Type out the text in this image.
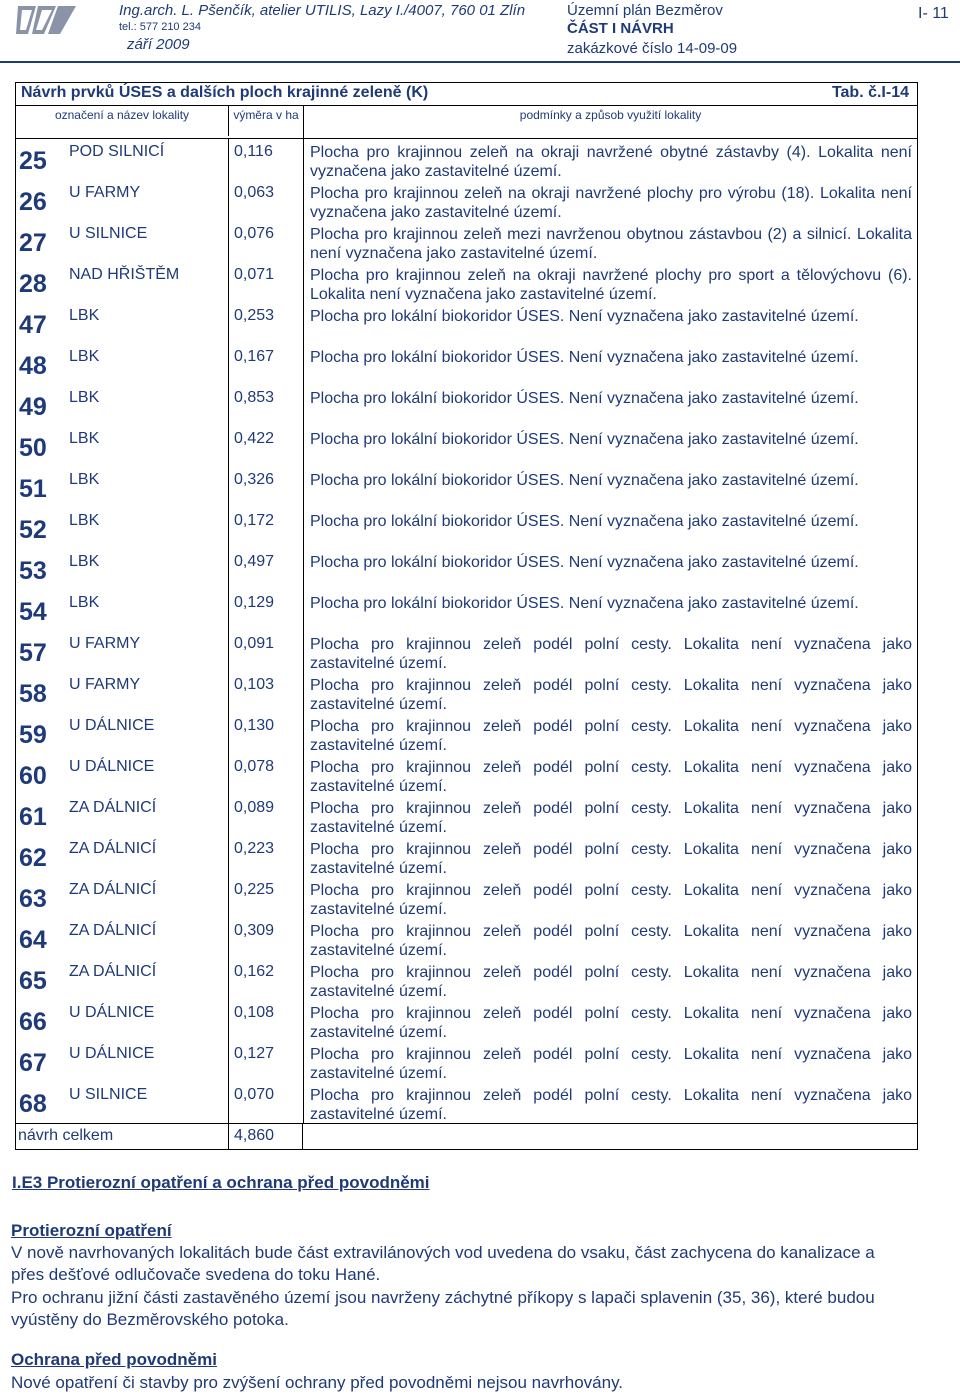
Ing.arch. L. Pšenčík, atelier UTILIS, Lazy I./4007, 760 01 Zlín
tel.: 577 210 234
září 2009
Územní plán Bezměrov
ČÁST I NÁVRH
zakázkové číslo 14-09-09
I- 11
Návrh prvků ÚSES a dalších ploch krajinné zeleně (K)	Tab. č.I-14
označení a název lokality	výměra v ha	podmínky a způsob využití lokality
25 POD SILNICÍ	0,116	Plocha pro krajinnou zeleň na okraji navržené obytné zástavby (4). Lokalita není vyznačena jako zastavitelné území.
26 U FARMY	0,063	Plocha pro krajinnou zeleň na okraji navržené plochy pro výrobu (18). Lokalita není vyznačena jako zastavitelné území.
27 U SILNICE	0,076	Plocha pro krajinnou zeleň mezi navrženou obytnou zástavbou (2) a silnicí. Lokalita není vyznačena jako zastavitelné území.
28 NAD HŘIŠTĚM	0,071	Plocha pro krajinnou zeleň na okraji navržené plochy pro sport a tělovýchovu (6). Lokalita není vyznačena jako zastavitelné území.
47 LBK	0,253	Plocha pro lokální biokoridor ÚSES. Není vyznačena jako zastavitelné území.
48 LBK	0,167	Plocha pro lokální biokoridor ÚSES. Není vyznačena jako zastavitelné území.
49 LBK	0,853	Plocha pro lokální biokoridor ÚSES. Není vyznačena jako zastavitelné území.
50 LBK	0,422	Plocha pro lokální biokoridor ÚSES. Není vyznačena jako zastavitelné území.
51 LBK	0,326	Plocha pro lokální biokoridor ÚSES. Není vyznačena jako zastavitelné území.
52 LBK	0,172	Plocha pro lokální biokoridor ÚSES. Není vyznačena jako zastavitelné území.
53 LBK	0,497	Plocha pro lokální biokoridor ÚSES. Není vyznačena jako zastavitelné území.
54 LBK	0,129	Plocha pro lokální biokoridor ÚSES. Není vyznačena jako zastavitelné území.
57 U FARMY	0,091	Plocha pro krajinnou zeleň podél polní cesty. Lokalita není vyznačena jako zastavitelné území.
58 U FARMY	0,103	Plocha pro krajinnou zeleň podél polní cesty. Lokalita není vyznačena jako zastavitelné území.
59 U DÁLNICE	0,130	Plocha pro krajinnou zeleň podél polní cesty. Lokalita není vyznačena jako zastavitelné území.
60 U DÁLNICE	0,078	Plocha pro krajinnou zeleň podél polní cesty. Lokalita není vyznačena jako zastavitelné území.
61 ZA DÁLNICÍ	0,089	Plocha pro krajinnou zeleň podél polní cesty. Lokalita není vyznačena jako zastavitelné území.
62 ZA DÁLNICÍ	0,223	Plocha pro krajinnou zeleň podél polní cesty. Lokalita není vyznačena jako zastavitelné území.
63 ZA DÁLNICÍ	0,225	Plocha pro krajinnou zeleň podél polní cesty. Lokalita není vyznačena jako zastavitelné území.
64 ZA DÁLNICÍ	0,309	Plocha pro krajinnou zeleň podél polní cesty. Lokalita není vyznačena jako zastavitelné území.
65 ZA DÁLNICÍ	0,162	Plocha pro krajinnou zeleň podél polní cesty. Lokalita není vyznačena jako zastavitelné území.
66 U DÁLNICE	0,108	Plocha pro krajinnou zeleň podél polní cesty. Lokalita není vyznačena jako zastavitelné území.
67 U DÁLNICE	0,127	Plocha pro krajinnou zeleň podél polní cesty. Lokalita není vyznačena jako zastavitelné území.
68 U SILNICE	0,070	Plocha pro krajinnou zeleň podél polní cesty. Lokalita není vyznačena jako zastavitelné území.
návrh celkem	4,860
I.E3 Protierozní opatření a ochrana před povodněmi
Protierozní opatření
V nově navrhovaných lokalitách bude část extravilánových vod uvedena do vsaku, část zachycena do kanalizace a přes dešťové odlučovače svedena do toku Hané.
Pro ochranu jižní části zastavěného území jsou navrženy záchytné příkopy s lapači splavenin (35, 36), které budou vyústěny do Bezměrovského potoka.
Ochrana před povodněmi
Nové opatření či stavby pro zvýšení ochrany před povodněmi nejsou navrhovány.
